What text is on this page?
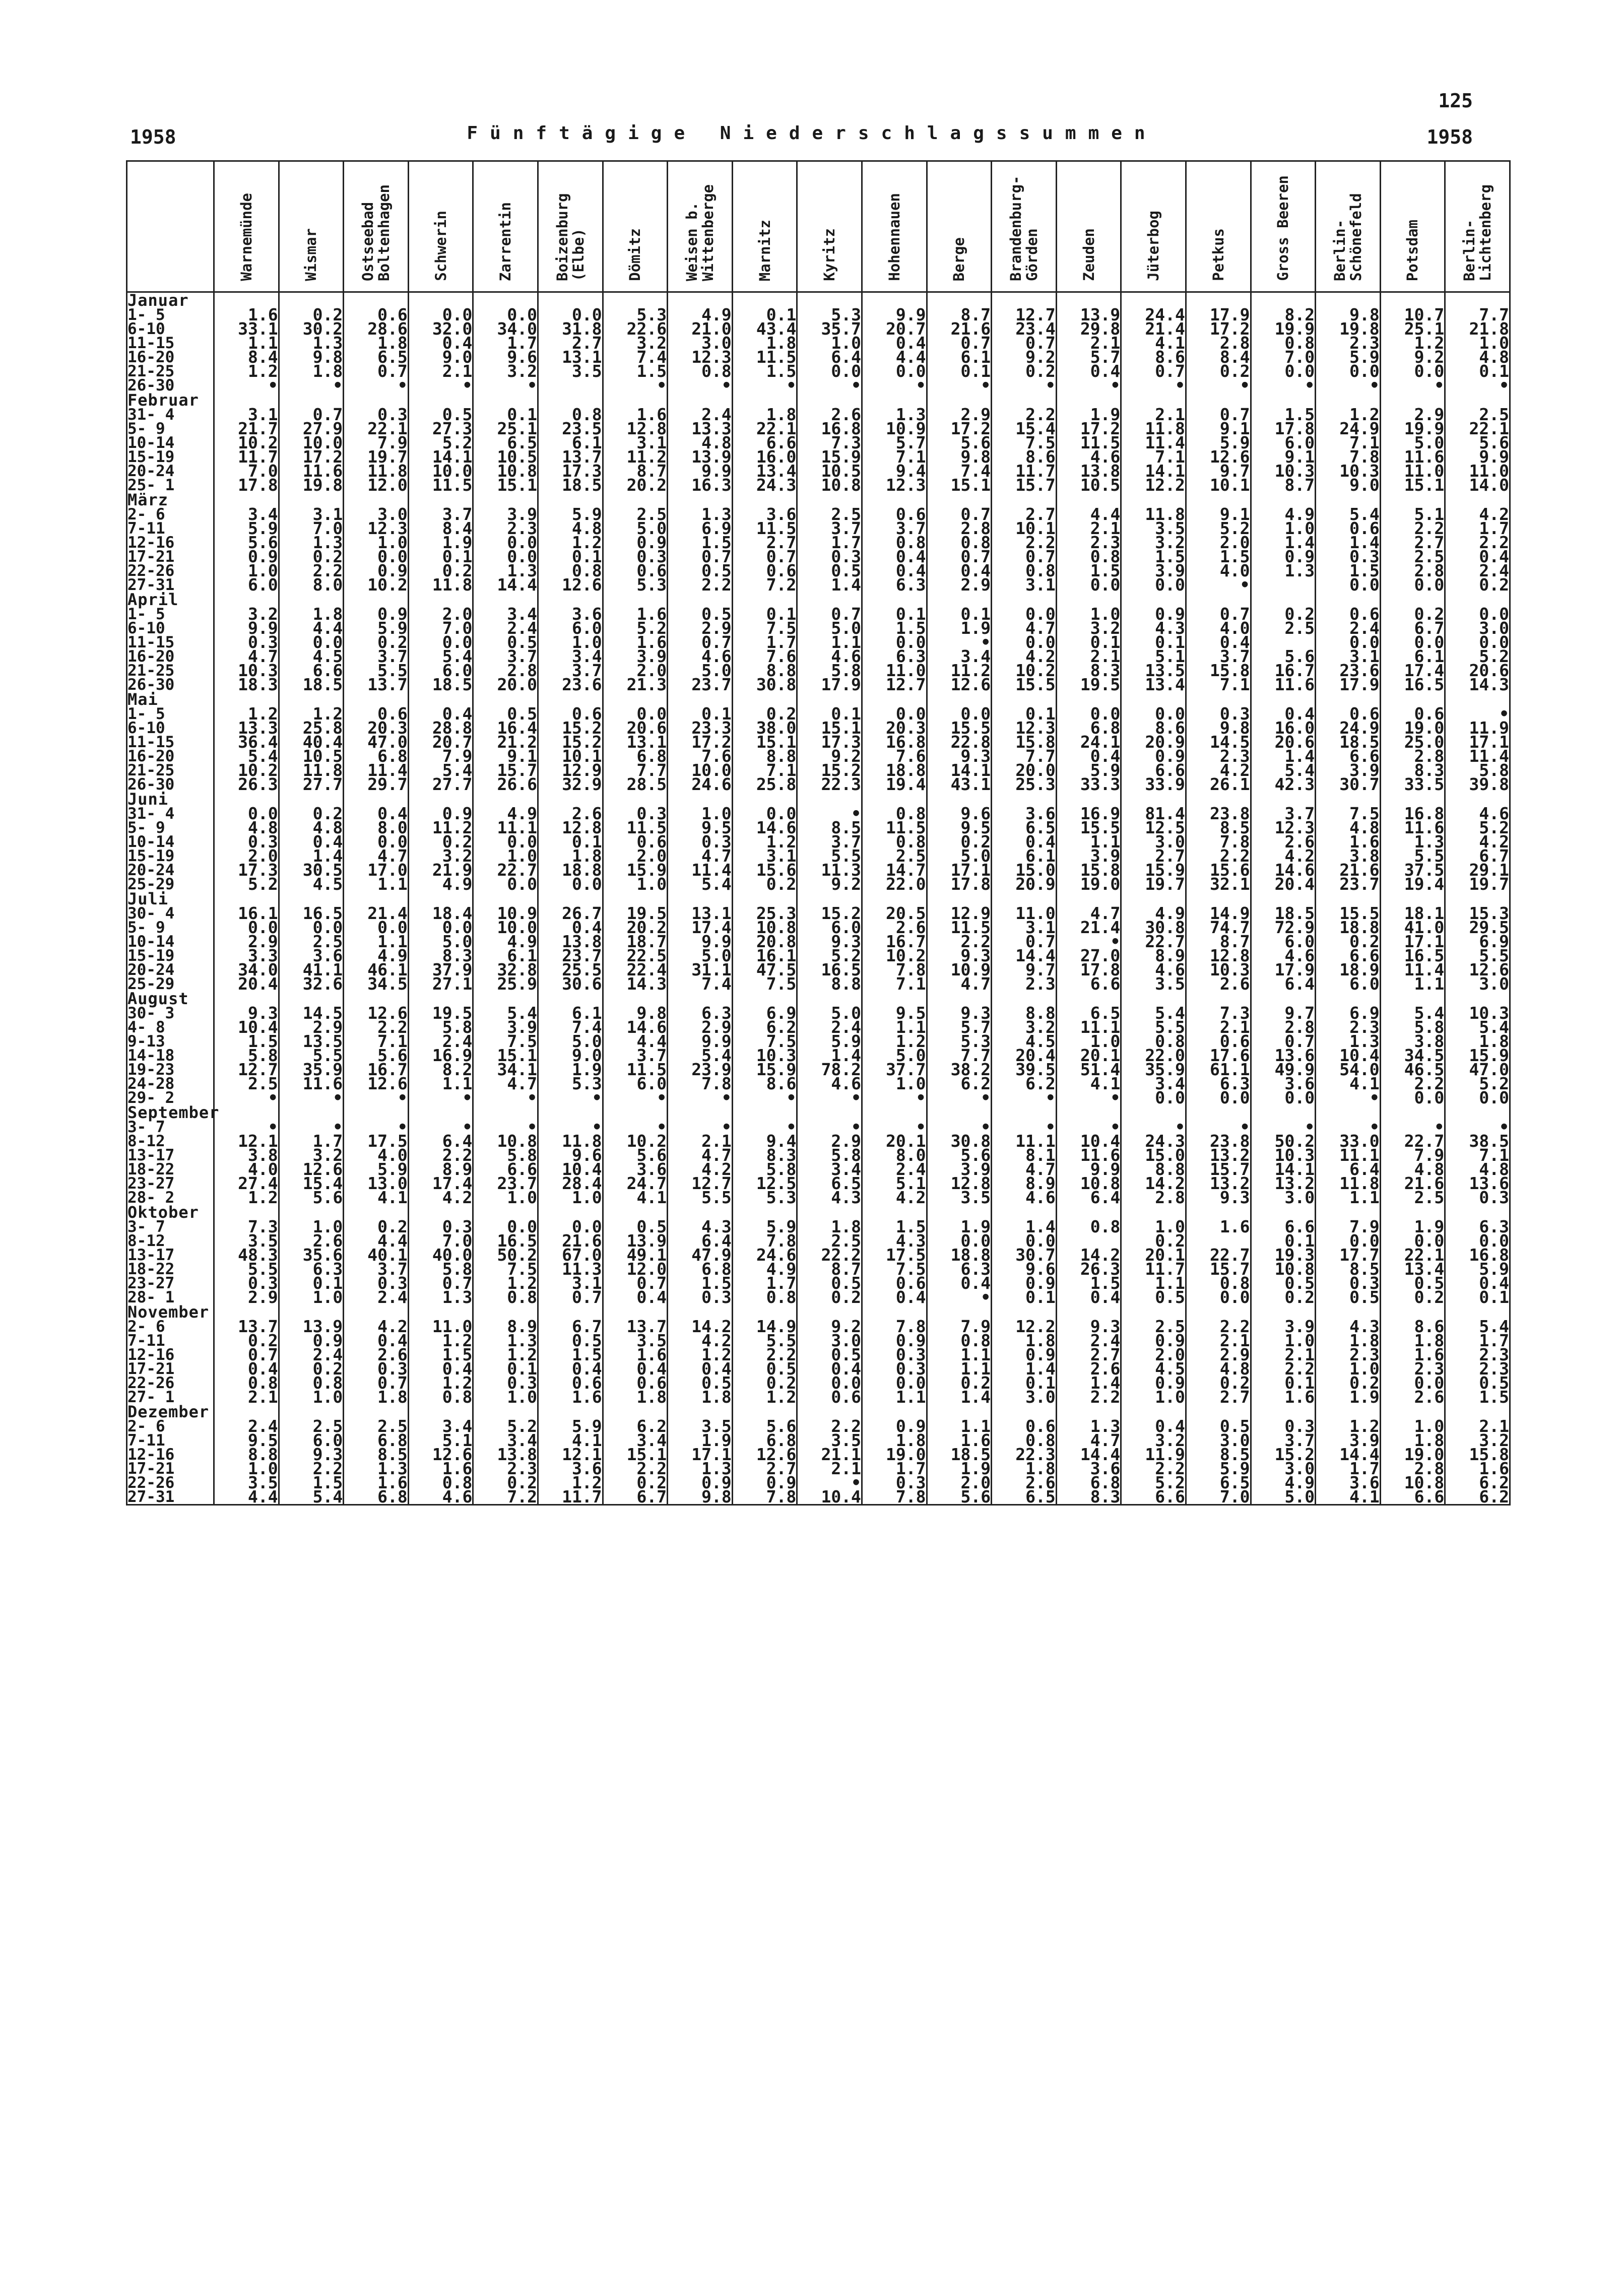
125
1958	Fünftägige Niederschlagssummen	1958
	Warnemünde	Wismar	Ostseebad Boltenhagen	Schwerin	Zarrentin	Boizenburg (Elbe)	Dömitz	Weisen b. Wittenberge	Marnitz	Kyritz	Hohennauen	Berge	Brandenburg-Görden	Zeuden	Jüterbog	Petkus	Gross Beeren	Berlin-Schönefeld	Potsdam	Berlin-Lichtenberg
Januar																				
1- 5	1.6	0.2	0.6	0.0	0.0	0.0	5.3	4.9	0.1	5.3	9.9	8.7	12.7	13.9	24.4	17.9	8.2	9.8	10.7	7.7
6-10	33.1	30.2	28.6	32.0	34.0	31.8	22.6	21.0	43.4	35.7	20.7	21.6	23.4	29.8	21.4	17.2	19.9	19.8	25.1	21.8
11-15	1.1	1.3	1.8	0.4	1.7	2.7	3.2	3.0	1.8	1.0	0.4	0.7	0.7	2.1	4.1	2.8	0.8	2.3	1.2	1.0
16-20	8.4	9.8	6.5	9.0	9.6	13.1	7.4	12.3	11.5	6.4	4.4	6.1	9.2	5.7	8.6	8.4	7.0	5.9	9.2	4.8
21-25	1.2	1.8	0.7	2.1	3.2	3.5	1.5	0.8	1.5	0.0	0.0	0.1	0.2	0.4	0.7	0.2	0.0	0.0	0.0	0.1
26-30	•	•	•	•	•		•	•	•	•	•	•	•	•	•	•	•	•	•	•
Februar																				
31- 4	3.1	0.7	0.3	0.5	0.1	0.8	1.6	2.4	1.8	2.6	1.3	2.9	2.2	1.9	2.1	0.7	1.5	1.2	2.9	2.5
5- 9	21.7	27.9	22.1	27.3	25.1	23.5	12.8	13.3	22.1	16.8	10.9	17.2	15.4	17.2	11.8	9.1	17.8	24.9	19.9	22.1
10-14	10.2	10.0	7.9	5.2	6.5	6.1	3.1	4.8	6.6	7.3	5.7	5.6	7.5	11.5	11.4	5.9	6.0	7.1	5.0	5.6
15-19	11.7	17.2	19.7	14.1	10.5	13.7	11.2	13.9	16.0	15.9	7.1	9.8	8.6	4.6	7.1	12.6	9.1	7.8	11.6	9.9
20-24	7.0	11.6	11.8	10.0	10.8	17.3	8.7	9.9	13.4	10.5	9.4	7.4	11.7	13.8	14.1	9.7	10.3	10.3	11.0	11.0
25- 1	17.8	19.8	12.0	11.5	15.1	18.5	20.2	16.3	24.3	10.8	12.3	15.1	15.7	10.5	12.2	10.1	8.7	9.0	15.1	14.0
März																				
2- 6	3.4	3.1	3.0	3.7	3.9	5.9	2.5	1.3	3.6	2.5	0.6	0.7	2.7	4.4	11.8	9.1	4.9	5.4	5.1	4.2
7-11	5.9	7.0	12.3	8.4	2.3	4.8	5.0	6.9	11.5	3.7	3.7	2.8	10.1	2.1	3.5	5.2	1.0	0.6	2.2	1.7
12-16	5.6	1.3	1.0	1.9	0.0	1.2	0.9	1.5	2.7	1.7	0.8	0.8	2.2	2.3	3.2	2.0	1.4	1.4	2.7	2.2
17-21	0.9	0.2	0.0	0.1	0.0	0.1	0.3	0.7	0.7	0.3	0.4	0.7	0.7	0.8	1.5	1.5	0.9	0.3	2.5	0.4
22-26	1.0	2.2	0.9	0.2	1.3	0.8	0.6	0.5	0.6	0.5	0.4	0.4	0.8	1.5	3.9	4.0	1.3	1.5	2.8	2.4
27-31	6.0	8.0	10.2	11.8	14.4	12.6	5.3	2.2	7.2	1.4	6.3	2.9	3.1	0.0	0.0	•		0.0	0.0	0.2
April																				
1- 5	3.2	1.8	0.9	2.0	3.4	3.6	1.6	0.5	0.1	0.7	0.1	0.1	0.0	1.0	0.9	0.7	0.2	0.6	0.2	0.0
6-10	9.9	4.4	5.9	7.0	2.4	6.0	5.2	2.9	7.5	5.0	1.5	1.9	4.7	3.2	4.3	4.0	2.5	2.4	6.7	3.0
11-15	0.3	0.0	0.2	0.0	0.5	1.0	1.6	0.7	1.7	1.1	0.0	•	0.0	0.1	0.1	0.4		0.0	0.0	0.0
16-20	4.7	4.5	3.7	5.4	3.7	3.4	3.9	4.6	7.6	4.6	6.3	3.4	4.2	2.1	5.1	3.7	5.6	3.1	6.1	5.2
21-25	10.3	6.6	5.5	6.0	2.8	3.7	2.0	5.0	8.8	5.8	11.0	11.2	10.2	8.3	13.5	15.8	16.7	23.6	17.4	20.6
26-30	18.3	18.5	13.7	18.5	20.0	23.6	21.3	23.7	30.8	17.9	12.7	12.6	15.5	19.5	13.4	7.1	11.6	17.9	16.5	14.3
Mai																				
1- 5	1.2	1.2	0.6	0.4	0.5	0.6	0.0	0.1	0.2	0.1	0.0	0.0	0.1	0.0	0.0	0.3	0.4	0.6	0.6	•
6-10	13.3	25.8	20.3	28.8	16.4	15.2	20.6	23.3	38.0	15.1	20.3	15.5	12.3	6.8	8.6	9.8	16.0	24.9	19.0	11.9
11-15	36.4	40.4	47.0	20.7	21.2	15.2	13.1	17.2	15.1	17.3	16.8	22.8	15.8	24.1	20.9	14.5	20.6	18.5	25.0	17.1
16-20	5.4	10.5	6.8	7.9	9.1	10.1	6.8	7.6	8.8	9.2	7.6	9.3	7.7	0.4	0.9	2.3	1.4	6.6	2.8	11.4
21-25	10.2	11.8	11.4	5.4	15.7	12.9	7.7	10.0	7.1	15.2	18.8	14.1	20.0	5.9	6.6	4.2	5.4	3.9	8.3	5.8
26-30	26.3	27.7	29.7	27.7	26.6	32.9	28.5	24.6	25.8	22.3	19.4	43.1	25.3	33.3	33.9	26.1	42.3	30.7	33.5	39.8
Juni																				
31- 4	0.0	0.2	0.4	0.9	4.9	2.6	0.3	1.0	0.0	•	0.8	9.6	3.6	16.9	81.4	23.8	3.7	7.5	16.8	4.6
5- 9	4.8	4.8	8.0	11.2	11.1	12.8	11.5	9.5	14.6	8.5	11.5	9.5	6.5	15.5	12.5	8.5	12.3	4.8	11.6	5.2
10-14	0.3	0.4	0.0	0.2	0.0	0.1	0.6	0.3	1.2	3.7	0.8	0.2	0.4	1.1	3.0	7.8	2.6	1.6	1.3	4.2
15-19	2.0	1.4	4.7	3.2	1.0	1.8	2.0	4.7	3.1	5.5	2.5	5.0	6.1	3.9	2.7	2.2	4.2	3.8	5.5	6.7
20-24	17.3	30.5	17.0	21.9	22.7	18.8	15.9	11.4	15.6	11.3	14.7	17.1	15.0	15.8	15.9	15.6	14.6	21.6	37.5	29.1
25-29	5.2	4.5	1.1	4.9	0.0	0.0	1.0	5.4	0.2	9.2	22.0	17.8	20.9	19.0	19.7	32.1	20.4	23.7	19.4	19.7
Juli																				
30- 4	16.1	16.5	21.4	18.4	10.9	26.7	19.5	13.1	25.3	15.2	20.5	12.9	11.0	4.7	4.9	14.9	18.5	15.5	18.1	15.3
5- 9	0.0	0.0	0.0	0.0	10.0	0.4	20.2	17.4	10.8	6.0	2.6	11.5	3.1	21.4	30.8	74.7	72.9	18.8	41.0	29.5
10-14	2.9	2.5	1.1	5.0	4.9	13.8	18.7	9.9	20.8	9.3	16.7	2.2	0.7	•	22.7	8.7	6.0	0.2	17.1	6.9
15-19	3.3	3.6	4.9	8.3	6.1	23.7	22.5	5.0	16.1	5.2	10.2	9.3	14.4	27.0	8.9	12.8	4.6	6.6	16.5	5.5
20-24	34.0	41.1	46.1	37.9	32.8	25.5	22.4	31.1	47.5	16.5	7.8	10.9	9.7	17.8	4.6	10.3	17.9	18.9	11.4	12.6
25-29	20.4	32.6	34.5	27.1	25.9	30.6	14.3	7.4	7.5	8.8	7.1	4.7	2.3	6.6	3.5	2.6	6.4	6.0	1.1	3.0
August																				
30- 3	9.3	14.5	12.6	19.5	5.4	6.1	9.8	6.3	6.9	5.0	9.5	9.3	8.8	6.5	5.4	7.3	9.7	6.9	5.4	10.3
4- 8	10.4	2.9	2.2	5.8	3.9	7.4	14.6	2.9	6.2	2.4	1.1	5.7	3.2	11.1	5.5	2.1	2.8	2.3	5.8	5.4
9-13	1.5	13.5	7.1	2.4	7.5	5.0	4.4	9.9	7.5	5.9	1.2	5.3	4.5	1.0	0.8	0.6	0.7	1.3	3.8	1.8
14-18	5.8	5.5	5.6	16.9	15.1	9.0	3.7	5.4	10.3	1.4	5.0	7.7	20.4	20.1	22.0	17.6	13.6	10.4	34.5	15.9
19-23	12.7	35.9	16.7	8.2	34.1	1.9	11.5	23.9	15.9	78.2	37.7	38.2	39.5	51.4	35.9	61.1	49.9	54.0	46.5	47.0
24-28	2.5	11.6	12.6	1.1	4.7	5.3	6.0	7.8	8.6	4.6	1.0	6.2	6.2	4.1	3.4	6.3	3.6	4.1	2.2	5.2
29- 2	•	•	•	•	•	•	•	•	•	•	•	•	•	•	0.0	0.0	0.0	•	0.0	0.0
September																				
3- 7	•	•	•	•	•	•	•	•	•	•	•	•	•	•	•	•	•	•	•	•
8-12	12.1	1.7	17.5	6.4	10.8	11.8	10.2	2.1	9.4	2.9	20.1	30.8	11.1	10.4	24.3	23.8	50.2	33.0	22.7	38.5
13-17	3.8	3.2	4.0	2.2	5.8	9.6	5.6	4.7	8.3	5.8	8.0	5.6	8.1	11.6	15.0	13.2	10.3	11.1	7.9	7.1
18-22	4.0	12.6	5.9	8.9	6.6	10.4	3.6	4.2	5.8	3.4	2.4	3.9	4.7	9.9	8.8	15.7	14.1	6.4	4.8	4.8
23-27	27.4	15.4	13.0	17.4	23.7	28.4	24.7	12.7	12.5	6.5	5.1	12.8	8.9	10.8	14.2	13.2	13.2	11.8	21.6	13.6
28- 2	1.2	5.6	4.1	4.2	1.0	1.0	4.1	5.5	5.3	4.3	4.2	3.5	4.6	6.4	2.8	9.3	3.0	1.1	2.5	0.3
Oktober																				
3- 7	7.3	1.0	0.2	0.3	0.0	0.0	0.5	4.3	5.9	1.8	1.5	1.9	1.4	0.8	1.0	1.6	6.6	7.9	1.9	6.3
8-12	3.5	2.6	4.4	7.0	16.5	21.6	13.9	6.4	7.8	2.5	4.3	0.0	0.0		0.2		0.1	0.0	0.0	0.0
13-17	48.3	35.6	40.1	40.0	50.2	67.0	49.1	47.9	24.6	22.2	17.5	18.8	30.7	14.2	20.1	22.7	19.3	17.7	22.1	16.8
18-22	5.5	6.3	3.7	5.8	7.5	11.3	12.0	6.8	4.9	8.7	7.5	6.3	9.6	26.3	11.7	15.7	10.8	8.5	13.4	5.9
23-27	0.3	0.1	0.3	0.7	1.2	3.1	0.7	1.5	1.7	0.5	0.6	0.4	0.9	1.5	1.1	0.8	0.5	0.3	0.5	0.4
28- 1	2.9	1.0	2.4	1.3	0.8	0.7	0.4	0.3	0.8	0.2	0.4	•	0.1	0.4	0.5	0.0	0.2	0.5	0.2	0.1
November																				
2- 6	13.7	13.9	4.2	11.0	8.9	6.7	13.7	14.2	14.9	9.2	7.8	7.9	12.2	9.3	2.5	2.2	3.9	4.3	8.6	5.4
7-11	0.2	0.9	0.4	1.2	1.3	0.5	3.5	4.2	5.5	3.0	0.9	0.8	1.8	2.4	0.9	2.1	1.0	1.8	1.8	1.7
12-16	0.7	2.4	2.6	1.5	1.2	1.5	1.6	1.2	2.2	0.5	0.3	1.1	0.9	2.7	2.0	2.9	2.1	2.3	1.6	2.3
17-21	0.4	0.2	0.3	0.4	0.1	0.4	0.4	0.4	0.5	0.4	0.3	1.1	1.4	2.6	4.5	4.8	2.2	1.0	2.3	2.3
22-26	0.8	0.8	0.7	1.2	0.3	0.6	0.6	0.5	0.2	0.0	0.0	0.2	0.1	1.4	0.9	0.2	0.1	0.2	0.0	0.5
27- 1	2.1	1.0	1.8	0.8	1.0	1.6	1.8	1.8	1.2	0.6	1.1	1.4	3.0	2.2	1.0	2.7	1.6	1.9	2.6	1.5
Dezember																				
2- 6	2.4	2.5	2.5	3.4	5.2	5.9	6.2	3.5	5.6	2.2	0.9	1.1	0.6	1.3	0.4	0.5	0.3	1.2	1.0	2.1
7-11	9.5	6.0	6.8	5.1	3.4	4.1	3.4	1.9	6.8	3.5	1.8	1.6	0.8	4.7	3.2	3.0	3.7	3.9	1.8	3.2
12-16	8.8	9.3	8.5	12.6	13.8	12.1	15.1	17.1	12.6	21.1	19.0	18.5	22.3	14.4	11.9	8.5	15.2	14.4	19.0	15.8
17-21	1.0	2.2	1.3	1.6	2.3	3.6	2.2	1.3	2.7	2.1	1.7	1.9	1.8	3.6	2.2	5.9	3.0	1.7	2.8	1.6
22-26	3.5	1.5	1.6	0.8	0.2	1.2	0.2	0.9	0.9	•	0.3	2.0	2.6	6.8	5.2	6.5	4.9	3.6	10.8	6.2
27-31	4.4	5.4	6.8	4.6	7.2	11.7	6.7	9.8	7.8	10.4	7.8	5.6	6.5	8.3	6.6	7.0	5.0	4.1	6.6	6.2
